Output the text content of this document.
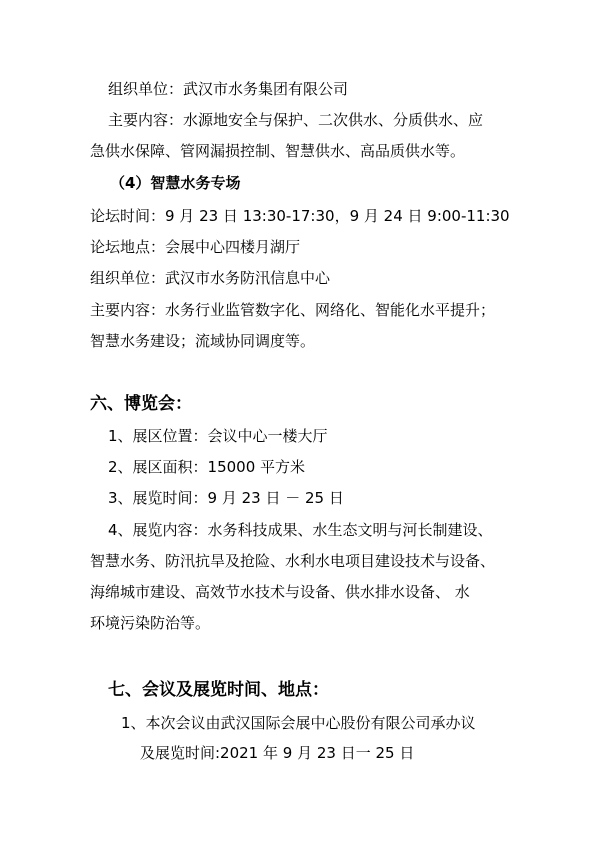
组织单位：武汉市水务集团有限公司
主要内容：水源地安全与保护、二次供水、分质供水、应
急供水保障、管网漏损控制、智慧供水、高品质供水等。
（4）智慧水务专场
论坛时间：9 月 23 日 13:30-17:30，9 月 24 日 9:00-11:30
论坛地点：会展中心四楼月湖厅
组织单位：武汉市水务防汛信息中心
主要内容：水务行业监管数字化、网络化、智能化水平提升；
智慧水务建设；流域协同调度等。
六、博览会：
1、展区位置：会议中心一楼大厅
2、展区面积：15000 平方米
3、展览时间：9 月 23 日 － 25 日
4、展览内容：水务科技成果、水生态文明与河长制建设、
智慧水务、防汛抗旱及抢险、水利水电项目建设技术与设备、
海绵城市建设、高效节水技术与设备、供水排水设备、 水
环境污染防治等。
七、会议及展览时间、地点：
1、本次会议由武汉国际会展中心股份有限公司承办议
及展览时间:2021 年 9 月 23 日一 25 日
